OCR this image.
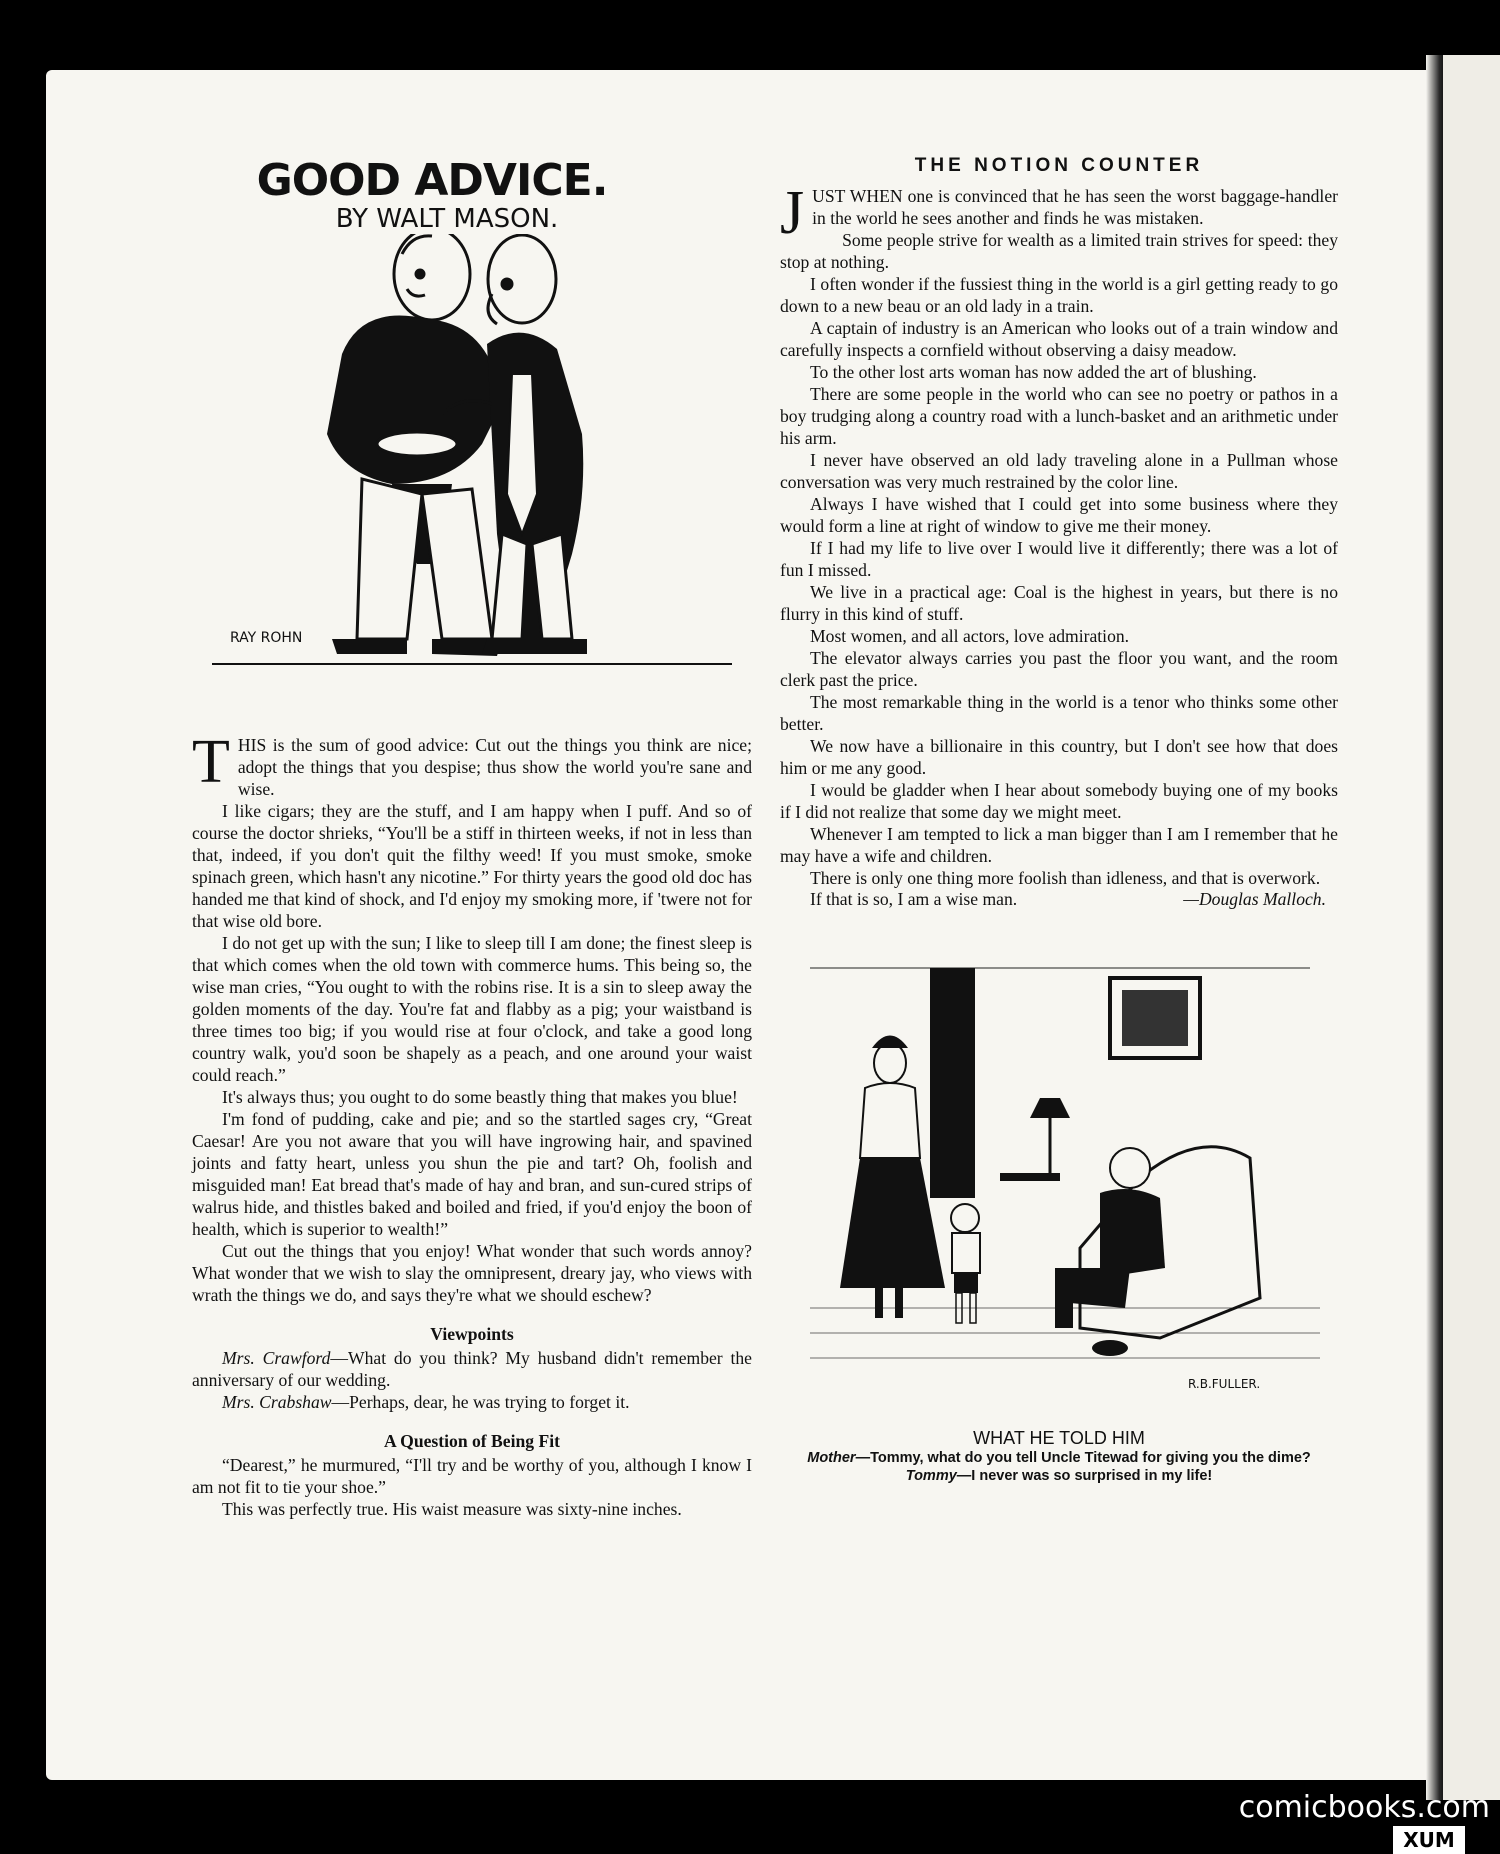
GOOD ADVICE.
BY WALT MASON.
RAY ROHN

THIS is the sum of good advice: Cut out the things you think are nice; adopt the things that you despise; thus show the world you're sane and wise.

I like cigars; they are the stuff, and I am happy when I puff. And so of course the doctor shrieks, “You'll be a stiff in thirteen weeks, if not in less than that, indeed, if you don't quit the filthy weed! If you must smoke, smoke spinach green, which hasn't any nicotine.” For thirty years the good old doc has handed me that kind of shock, and I'd enjoy my smoking more, if 'twere not for that wise old bore.

I do not get up with the sun; I like to sleep till I am done; the finest sleep is that which comes when the old town with commerce hums. This being so, the wise man cries, “You ought to with the robins rise. It is a sin to sleep away the golden moments of the day. You're fat and flabby as a pig; your waistband is three times too big; if you would rise at four o'clock, and take a good long country walk, you'd soon be shapely as a peach, and one around your waist could reach.”

It's always thus; you ought to do some beastly thing that makes you blue!

I'm fond of pudding, cake and pie; and so the startled sages cry, “Great Caesar! Are you not aware that you will have ingrowing hair, and spavined joints and fatty heart, unless you shun the pie and tart? Oh, foolish and misguided man! Eat bread that's made of hay and bran, and sun-cured strips of walrus hide, and thistles baked and boiled and fried, if you'd enjoy the boon of health, which is superior to wealth!”

Cut out the things that you enjoy! What wonder that such words annoy? What wonder that we wish to slay the omnipresent, dreary jay, who views with wrath the things we do, and says they're what we should eschew?

Viewpoints

Mrs. Crawford—What do you think? My husband didn't remember the anniversary of our wedding.

Mrs. Crabshaw—Perhaps, dear, he was trying to forget it.

A Question of Being Fit

“Dearest,” he murmured, “I'll try and be worthy of you, although I know I am not fit to tie your shoe.”

This was perfectly true. His waist measure was sixty-nine inches.

THE NOTION COUNTER

JUST WHEN one is convinced that he has seen the worst baggage-handler in the world he sees another and finds he was mistaken.

Some people strive for wealth as a limited train strives for speed: they stop at nothing.

I often wonder if the fussiest thing in the world is a girl getting ready to go down to a new beau or an old lady in a train.

A captain of industry is an American who looks out of a train window and carefully inspects a cornfield without observing a daisy meadow.

To the other lost arts woman has now added the art of blushing.

There are some people in the world who can see no poetry or pathos in a boy trudging along a country road with a lunch-basket and an arithmetic under his arm.

I never have observed an old lady traveling alone in a Pullman whose conversation was very much restrained by the color line.

Always I have wished that I could get into some business where they would form a line at right of window to give me their money.

If I had my life to live over I would live it differently; there was a lot of fun I missed.

We live in a practical age: Coal is the highest in years, but there is no flurry in this kind of stuff.

Most women, and all actors, love admiration.

The elevator always carries you past the floor you want, and the room clerk past the price.

The most remarkable thing in the world is a tenor who thinks some other better.

We now have a billionaire in this country, but I don't see how that does him or me any good.

I would be gladder when I hear about somebody buying one of my books if I did not realize that some day we might meet.

Whenever I am tempted to lick a man bigger than I am I remember that he may have a wife and children.

There is only one thing more foolish than idleness, and that is overwork.

If that is so, I am a wise man.	—Douglas Malloch.
R.B.FULLER.
WHAT HE TOLD HIM
Mother—Tommy, what do you tell Uncle Titewad for giving you the dime? Tommy—I never was so surprised in my life!
comicbooks.com
XUM
